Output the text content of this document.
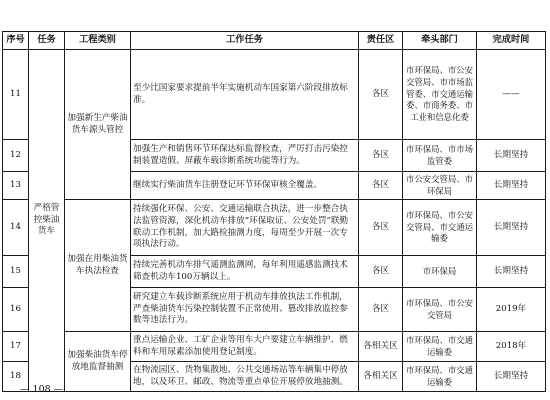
序号	任务	工程类别	工作任务	责任区	牵头部门	完成时间
11	严格管控柴油货车	加强新生产柴油货车源头管控	至少比国家要求提前半年实施机动车国家第六阶段排放标准。	各区	市环保局、市公安交管局、市市场监管委、市交通运输委、市商务委、市工业和信息化委	——
12			加强生产和销售环节环保达标监督检查，严厉打击污染控制装置造假、屏蔽车载诊断系统功能等行为。	各区	市环保局、市市场监管委	长期坚持
13			继续实行柴油货车注册登记环节环保审核全覆盖。	各区	市公安交管局、市环保局	长期坚持
14		加强在用柴油货车执法检查	持续强化环保、公安、交通运输联合执法，进一步整合执法监管资源，深化机动车排放“环保取证、公安处罚”联勤联动工作机制，加大路检抽测力度，每周至少开展一次专项执法行动。	各区	市环保局、市公安交管局、市交通运输委	长期坚持
15			持续完善机动车排气遥测监测网，每年利用遥感监测技术筛查机动车100万辆以上。	各区	市环保局	长期坚持
16			研究建立车载诊断系统应用于机动车排放执法工作机制，严查柴油货车污染控制装置不正常使用、篡改排放监控参数等违法行为。	各区	市环保局、市公安交管局	2019年
17		加强柴油货车停放地监督抽测	重点运输企业、工矿企业等用车大户要建立车辆维护、燃料和车用尿素添加使用登记制度。	各相关区	市环保局、市交通运输委	2018年
18			在物流园区、货物集散地、公共交通场站等车辆集中停放地，以及环卫、邮政、物流等重点单位开展停放地抽测。	各相关区	市环保局、市交通运输委	长期坚持
— 108 —
